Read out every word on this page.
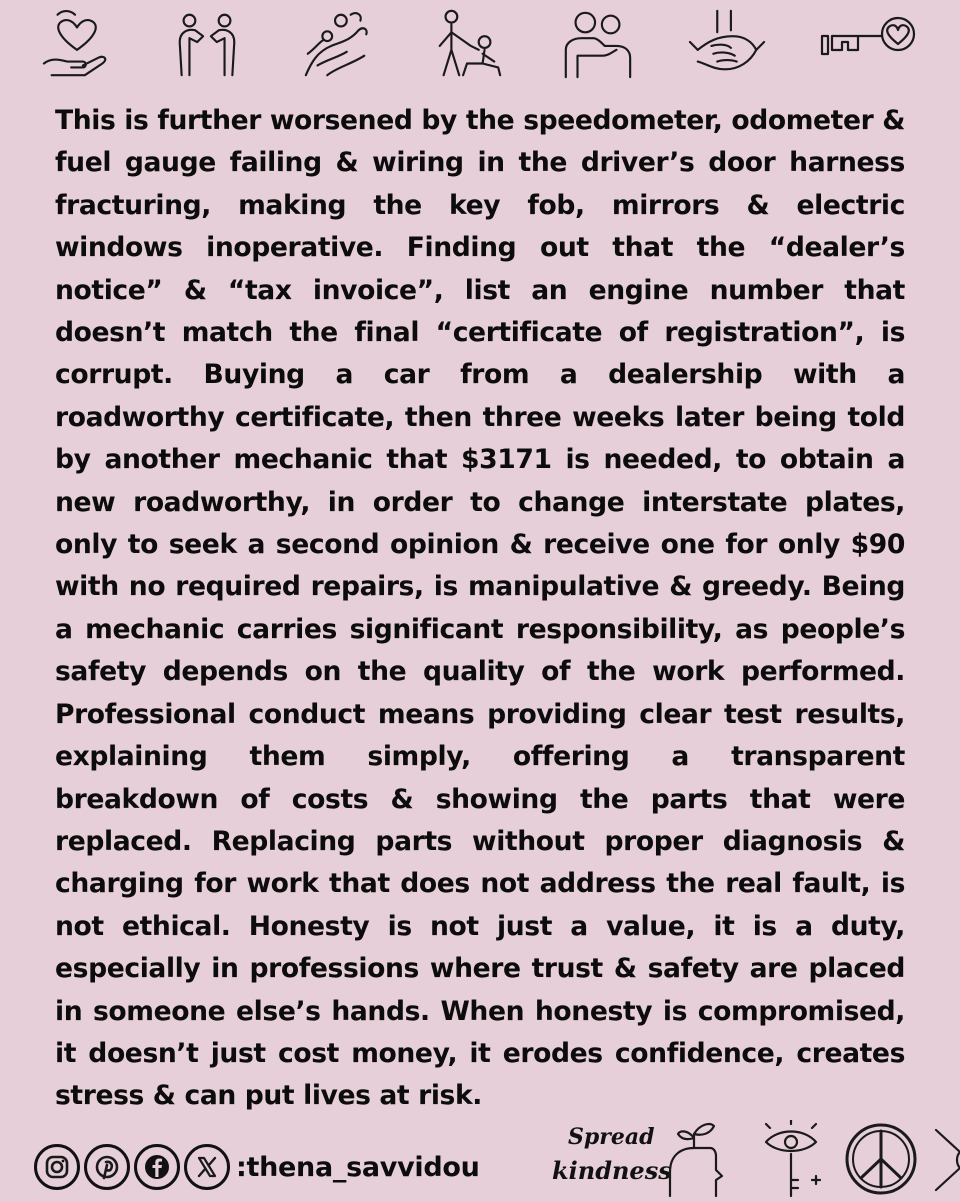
This is further worsened by the speedometer, odometer & fuel gauge failing & wiring in the driver’s door harness fracturing, making the key fob, mirrors & electric windows inoperative. Finding out that the “dealer’s notice” & “tax invoice”, list an engine number that doesn’t match the final “certificate of registration”, is corrupt. Buying a car from a dealership with a roadworthy certificate, then three weeks later being told by another mechanic that $3171 is needed, to obtain a new roadworthy, in order to change interstate plates, only to seek a second opinion & receive one for only $90 with no required repairs, is manipulative & greedy. Being a mechanic carries significant responsibility, as people’s safety depends on the quality of the work performed. Professional conduct means providing clear test results, explaining them simply, offering a transparent breakdown of costs & showing the parts that were replaced. Replacing parts without proper diagnosis & charging for work that does not address the real fault, is not ethical. Honesty is not just a value, it is a duty, especially in professions where trust & safety are placed in someone else’s hands. When honesty is compromised, it doesn’t just cost money, it erodes confidence, creates stress & can put lives at risk.

:thena_savvidou
Spread
kindness
